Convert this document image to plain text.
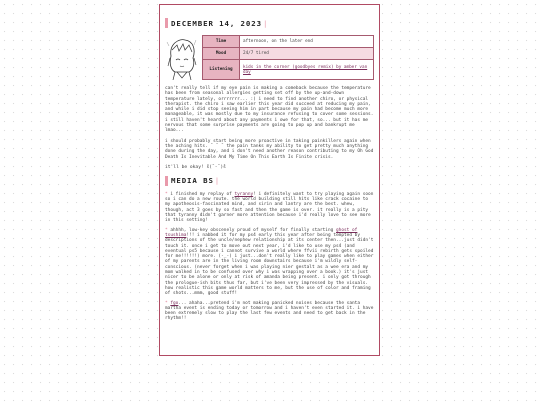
DECEMBER 14, 2023 |
Time	afternoon, on the later end
Mood	24/7 tired
Listening	kids in the corner (goodbyes remix) by amber van day

can't really tell if my eye pain is making a comeback because the temperature has been from seasonal allergies getting set off by the up-and-down temperature lately, orrrrrrr... :( i need to find another chiro, or physical therapist. the chiro i saw earlier this year did succeed at reducing my pain, and while i did stop seeing him in part because my pain had become much more manageable, it was mostly due to my insurance refusing to cover some sessions. i still haven't heard about any payments i owe for that, so... but it has me nervous that some surprise payments are going to pop up and bankrupt me lmao...

i should probably start being more proactive in taking painkillers again when the aching hits. ˘ ˘ ˘ the pain tanks my ability to get pretty much anything done during the day, and i don't need another reason contributing to my Oh God Death Is Inevitable And My Time On This Earth Is Finite crisis.

it'll be okay! š(˘‐˘)š

MEDIA BS |

* i finished my replay of tyranny! i definitely want to try playing again soon so i can do a new route. the world building still hits like crack cocaine to my apotheosis-fascinated mind, and sirin and lantry are the best. whew, though, act 3 goes by so fast and then the game is over. it really is a pity that tyranny didn't garner more attention because i'd really love to see more in this setting!

* ahhhh, low-key obscenely proud of myself for finally starting ghost of tsushima!!! i nabbed it for my ps4 early this year after being tempted by descriptions of the uncle/nephew relationship at its center then...just didn't touch it. once i get to move out next year, i'd like to use my ps4 (and eventual ps5 because i cannot survive a world where ffvii rebirth gets spoiled for me!!!!!!) more. (‐_‐) i just...don't really like to play games when either of my parents are in the living room downstairs because i'm wildly self-conscious. (never forget when i was playing nier gestalt as a wee era and my mom walked in to be confused over why i was wrapping over a book.) it's just nicer to be alone or only at risk of amanda being present. i only got through the prologue-ish bits thus far, but i've been very impressed by the visuals. how realistic this game world matters to me, but the use of color and framing of shots...mmm, good stuff!

* fgo... ahaha...pretend i'm not making panicked noises because the santa martha event is ending today or tomorrow and i haven't even started it. i have been extremely slow to play the last few events and need to get back in the rhythm!!
